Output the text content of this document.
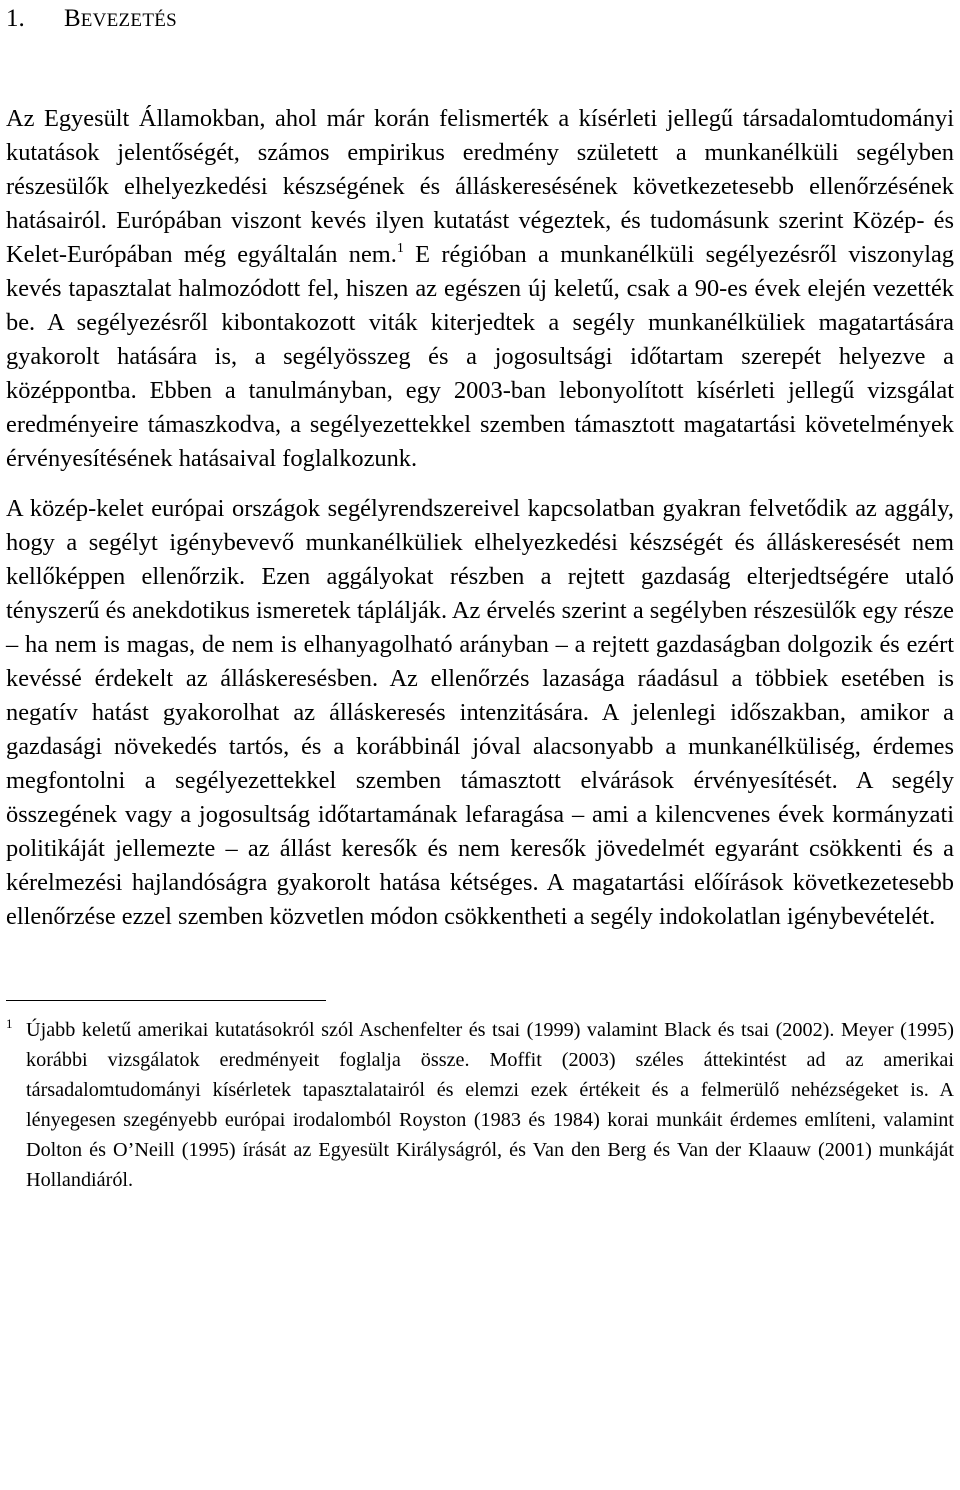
1. BEVEZETÉS

Az Egyesült Államokban, ahol már korán felismerték a kísérleti jellegű társadalomtudományi kutatások jelentőségét, számos empirikus eredmény született a munkanélküli segélyben részesülők elhelyezkedési készségének és álláskeresésének következetesebb ellenőrzésének hatásairól. Európában viszont kevés ilyen kutatást végeztek, és tudomásunk szerint Közép- és Kelet-Európában még egyáltalán nem.$^1$ E régióban a munkanélküli segélyezésről viszonylag kevés tapasztalat halmozódott fel, hiszen az egészen új keletű, csak a 90-es évek elején vezették be. A segélyezésről kibontakozott viták kiterjedtek a segély munkanélküliek magatartására gyakorolt hatására is, a segélyösszeg és a jogosultsági időtartam szerepét helyezve a középpontba. Ebben a tanulmányban, egy 2003-ban lebonyolított kísérleti jellegű vizsgálat eredményeire támaszkodva, a segélyezettekkel szemben támasztott magatartási követelmények érvényesítésének hatásaival foglalkozunk.

A közép-kelet európai országok segélyrendszereivel kapcsolatban gyakran felvetődik az aggály, hogy a segélyt igénybevevő munkanélküliek elhelyezkedési készségét és álláskeresését nem kellőképpen ellenőrzik. Ezen aggályokat részben a rejtett gazdaság elterjedtségére utaló tényszerű és anekdotikus ismeretek táplálják. Az érvelés szerint a segélyben részesülők egy része – ha nem is magas, de nem is elhanyagolható arányban – a rejtett gazdaságban dolgozik és ezért kevéssé érdekelt az álláskeresésben. Az ellenőrzés lazasága ráadásul a többiek esetében is negatív hatást gyakorolhat az álláskeresés intenzitására. A jelenlegi időszakban, amikor a gazdasági növekedés tartós, és a korábbinál jóval alacsonyabb a munkanélküliség, érdemes megfontolni a segélyezettekkel szemben támasztott elvárások érvényesítését. A segély összegének vagy a jogosultság időtartamának lefaragása – ami a kilencvenes évek kormányzati politikáját jellemezte – az állást keresők és nem keresők jövedelmét egyaránt csökkenti és a kérelmezési hajlandóságra gyakorolt hatása kétséges. A magatartási előírások következetesebb ellenőrzése ezzel szemben közvetlen módon csökkentheti a segély indokolatlan igénybevételét.

1 Újabb keletű amerikai kutatásokról szól Aschenfelter és tsai (1999) valamint Black és tsai (2002). Meyer (1995) korábbi vizsgálatok eredményeit foglalja össze. Moffit (2003) széles áttekintést ad az amerikai társadalomtudományi kísérletek tapasztalatairól és elemzi ezek értékeit és a felmerülő nehézségeket is. A lényegesen szegényebb európai irodalomból Royston (1983 és 1984) korai munkáit érdemes említeni, valamint Dolton és O’Neill (1995) írását az Egyesült Királyságról, és Van den Berg és Van der Klaauw (2001) munkáját Hollandiáról.
